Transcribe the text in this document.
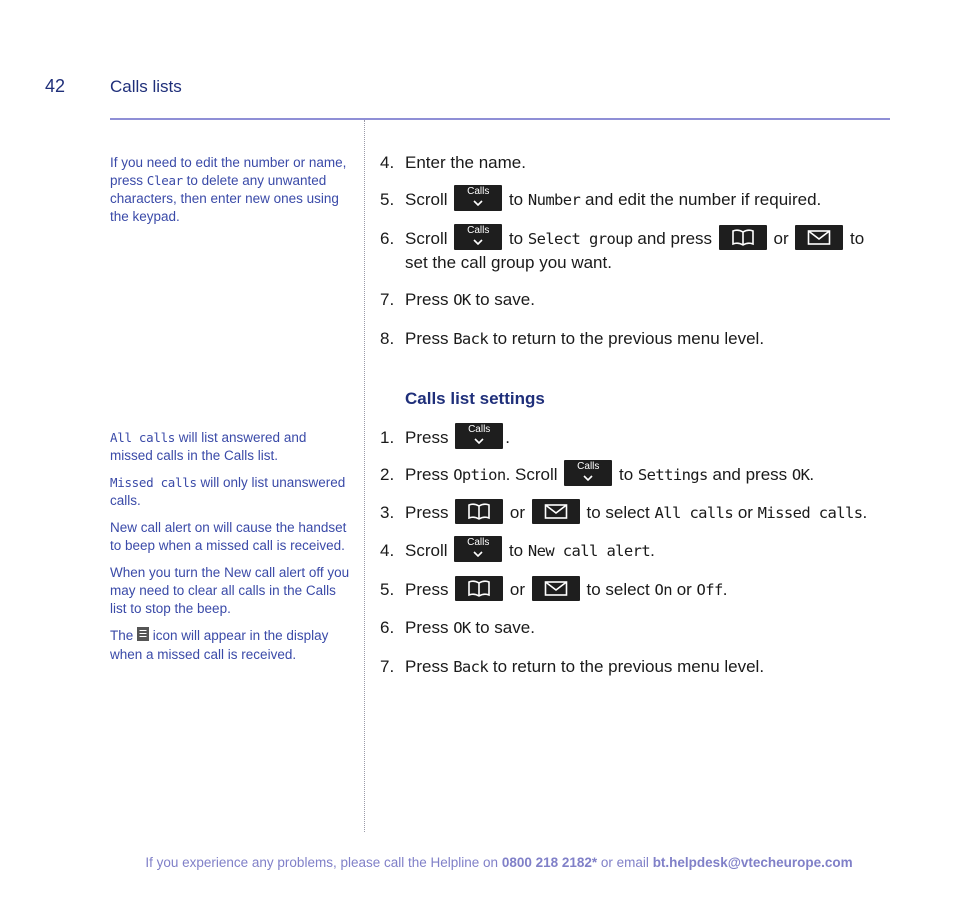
42	Calls lists

If you need to edit the number or name, press Clear to delete any unwanted characters, then enter new ones using the keypad.

All calls will list answered and missed calls in the Calls list.

Missed calls will only list unanswered calls.

New call alert on will cause the handset to beep when a missed call is received.

When you turn the New call alert off you may need to clear all calls in the Calls list to stop the beep.

The  icon will appear in the display when a missed call is received.

4. Enter the name.
5. Scroll	Calls to Number and edit the number if required.
6. Scroll	Calls to Select group and press	or	to set the call group you want.
7. Press OK to save.
8. Press Back to return to the previous menu level.
Calls list settings
1. Press	Calls .
2. Press Option. Scroll	Calls to Settings and press OK.
3. Press	or	to select All calls or Missed calls.
4. Scroll	Calls to New call alert.
5. Press	or	to select On or Off.
6. Press OK to save.
7. Press Back to return to the previous menu level.
If you experience any problems, please call the Helpline on 0800 218 2182* or email bt.helpdesk@vtecheurope.com
